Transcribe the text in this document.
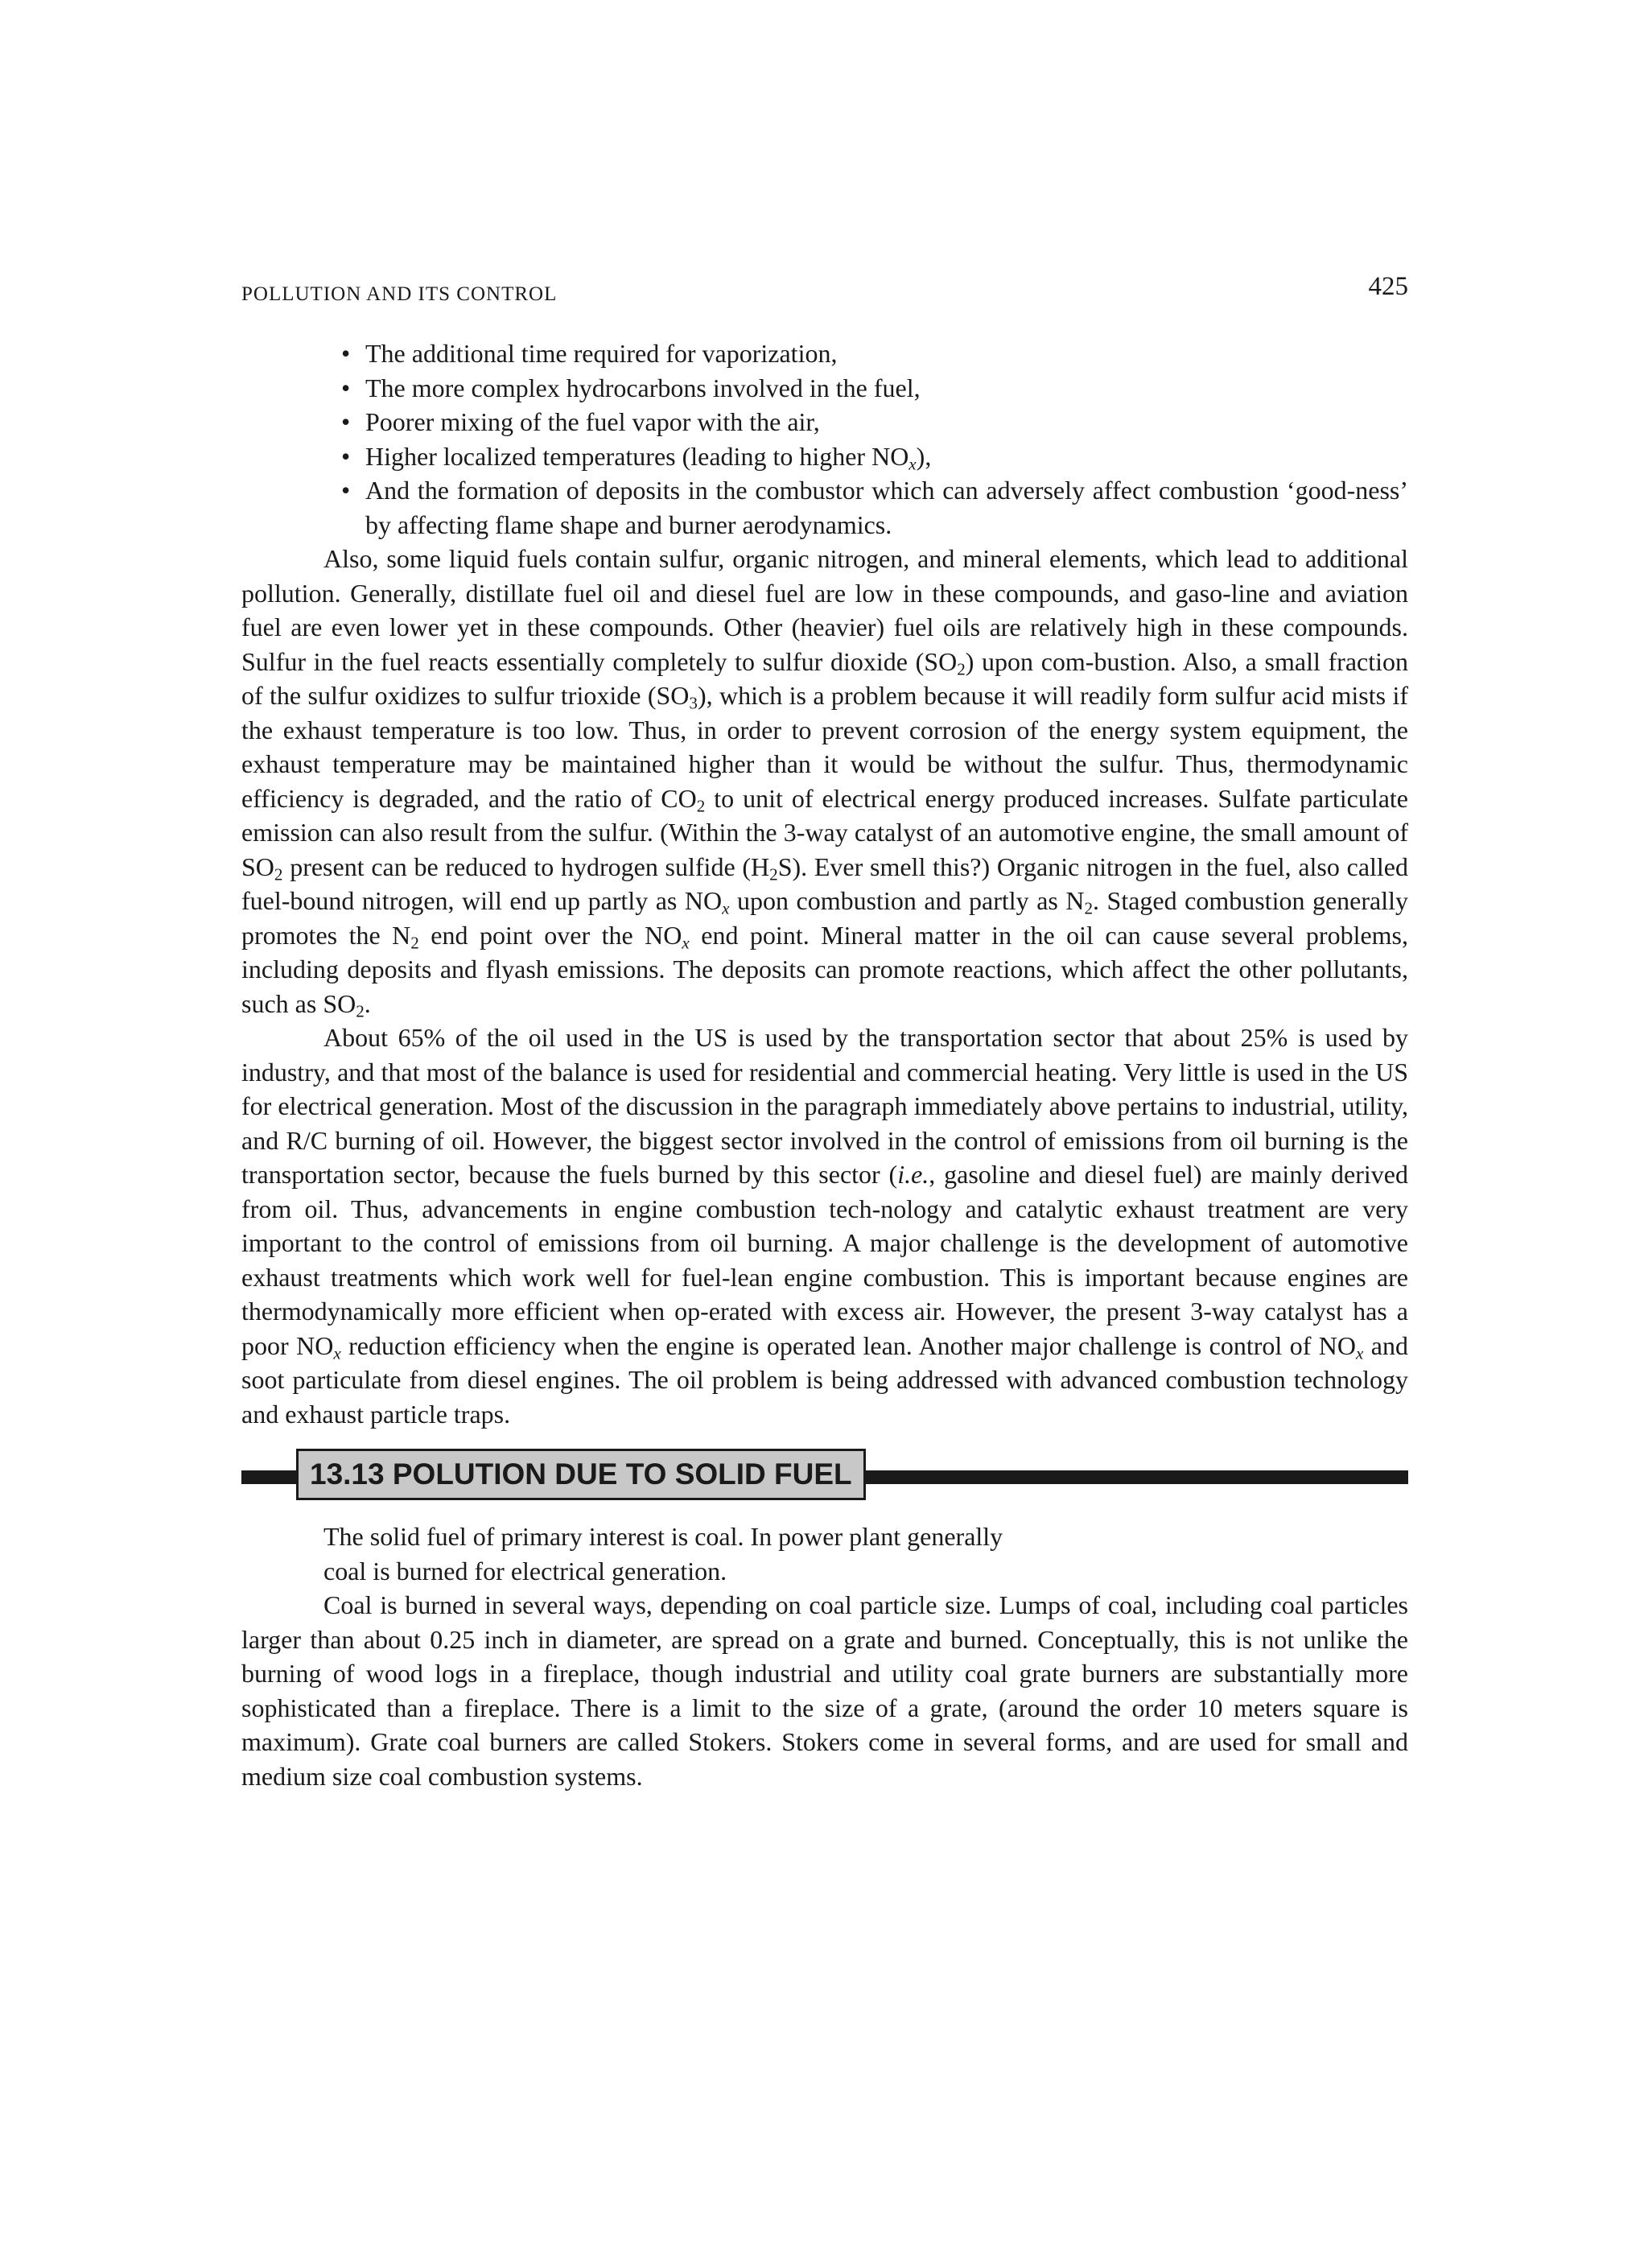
POLLUTION AND ITS CONTROL	425
• The additional time required for vaporization,
• The more complex hydrocarbons involved in the fuel,
• Poorer mixing of the fuel vapor with the air,
• Higher localized temperatures (leading to higher $NO_x$),
• And the formation of deposits in the combustor which can adversely affect combustion ‘good-ness’ by affecting flame shape and burner aerodynamics.

Also, some liquid fuels contain sulfur, organic nitrogen, and mineral elements, which lead to additional pollution. Generally, distillate fuel oil and diesel fuel are low in these compounds, and gaso-line and aviation fuel are even lower yet in these compounds. Other (heavier) fuel oils are relatively high in these compounds. Sulfur in the fuel reacts essentially completely to sulfur dioxide $(SO_2)$ upon com-bustion. Also, a small fraction of the sulfur oxidizes to sulfur trioxide $(SO_3)$, which is a problem because it will readily form sulfur acid mists if the exhaust temperature is too low. Thus, in order to prevent corrosion of the energy system equipment, the exhaust temperature may be maintained higher than it would be without the sulfur. Thus, thermodynamic efficiency is degraded, and the ratio of $CO_2$ to unit of electrical energy produced increases. Sulfate particulate emission can also result from the sulfur. (Within the 3-way catalyst of an automotive engine, the small amount of $SO_2$ present can be reduced to hydrogen sulfide $(H_2S)$. Ever smell this?) Organic nitrogen in the fuel, also called fuel-bound nitrogen, will end up partly as $NO_x$ upon combustion and partly as $N_2$. Staged combustion generally promotes the $N_2$ end point over the $NO_x$ end point. Mineral matter in the oil can cause several problems, including deposits and flyash emissions. The deposits can promote reactions, which affect the other pollutants, such as $SO_2$.

About 65% of the oil used in the US is used by the transportation sector that about 25% is used by industry, and that most of the balance is used for residential and commercial heating. Very little is used in the US for electrical generation. Most of the discussion in the paragraph immediately above pertains to industrial, utility, and R/C burning of oil. However, the biggest sector involved in the control of emissions from oil burning is the transportation sector, because the fuels burned by this sector (i.e., gasoline and diesel fuel) are mainly derived from oil. Thus, advancements in engine combustion tech-nology and catalytic exhaust treatment are very important to the control of emissions from oil burning. A major challenge is the development of automotive exhaust treatments which work well for fuel-lean engine combustion. This is important because engines are thermodynamically more efficient when op-erated with excess air. However, the present 3-way catalyst has a poor $NO_x$ reduction efficiency when the engine is operated lean. Another major challenge is control of $NO_x$ and soot particulate from diesel engines. The oil problem is being addressed with advanced combustion technology and exhaust particle traps.

13.13 POLUTION DUE TO SOLID FUEL

The solid fuel of primary interest is coal. In power plant generally

coal is burned for electrical generation.

Coal is burned in several ways, depending on coal particle size. Lumps of coal, including coal particles larger than about 0.25 inch in diameter, are spread on a grate and burned. Conceptually, this is not unlike the burning of wood logs in a fireplace, though industrial and utility coal grate burners are substantially more sophisticated than a fireplace. There is a limit to the size of a grate, (around the order 10 meters square is maximum). Grate coal burners are called Stokers. Stokers come in several forms, and are used for small and medium size coal combustion systems.
